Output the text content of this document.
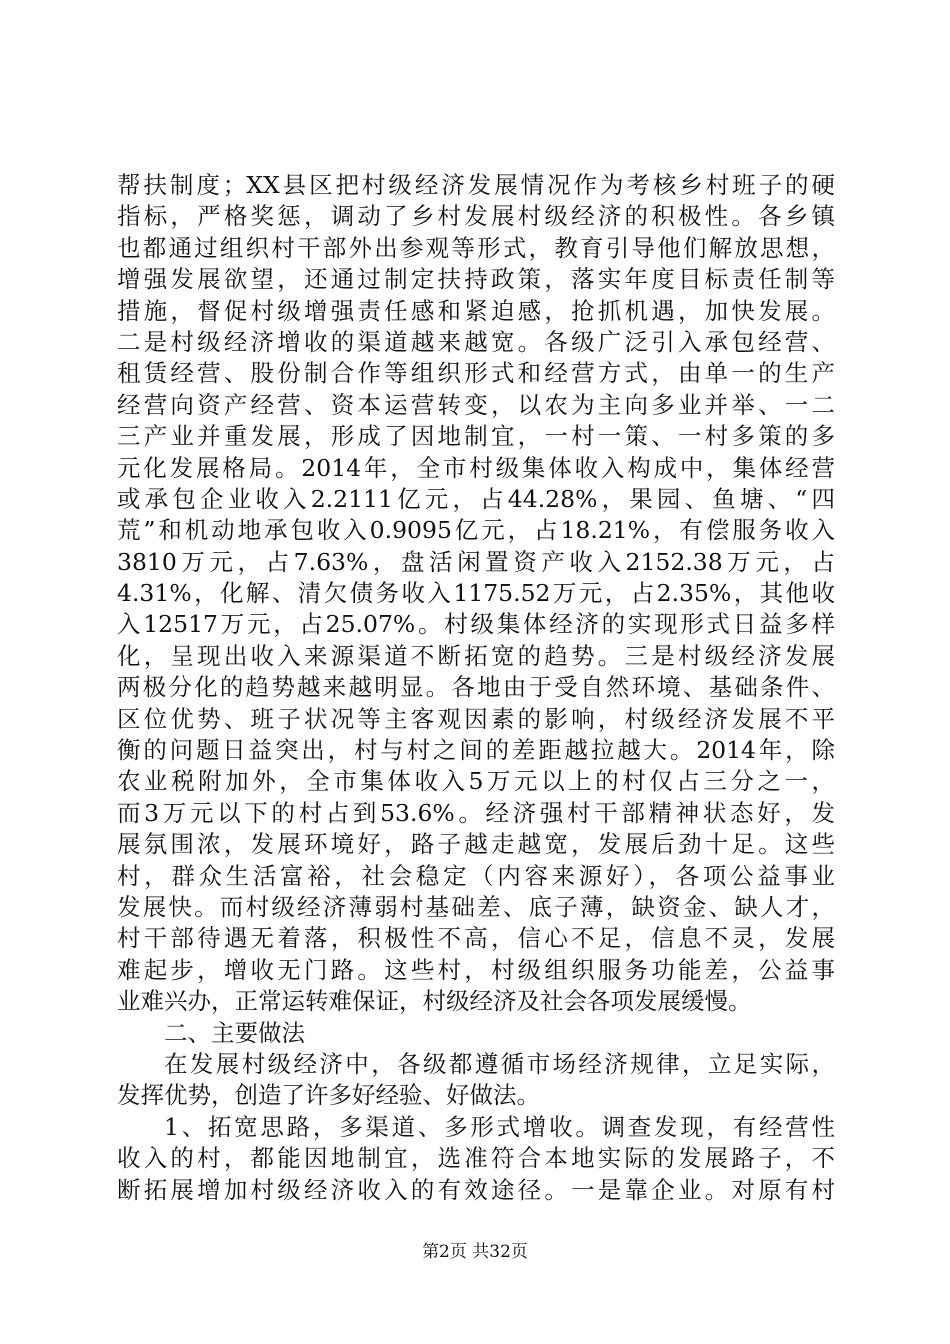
帮扶制度；XX县区把村级经济发展情况作为考核乡村班子的硬
指标，严格奖惩，调动了乡村发展村级经济的积极性。各乡镇
也都通过组织村干部外出参观等形式，教育引导他们解放思想，
增强发展欲望，还通过制定扶持政策，落实年度目标责任制等
措施，督促村级增强责任感和紧迫感，抢抓机遇，加快发展。
二是村级经济增收的渠道越来越宽。各级广泛引入承包经营、
租赁经营、股份制合作等组织形式和经营方式，由单一的生产
经营向资产经营、资本运营转变，以农为主向多业并举、一二
三产业并重发展，形成了因地制宜，一村一策、一村多策的多
元化发展格局。2014年，全市村级集体收入构成中，集体经营
或承包企业收入2.2111亿元，占44.28%，果园、鱼塘、“四
荒”和机动地承包收入0.9095亿元，占18.21%，有偿服务收入
3810万元，占7.63%，盘活闲置资产收入2152.38万元，占
4.31%，化解、清欠债务收入1175.52万元，占2.35%，其他收
入12517万元，占25.07%。村级集体经济的实现形式日益多样
化，呈现出收入来源渠道不断拓宽的趋势。三是村级经济发展
两极分化的趋势越来越明显。各地由于受自然环境、基础条件、
区位优势、班子状况等主客观因素的影响，村级经济发展不平
衡的问题日益突出，村与村之间的差距越拉越大。2014年，除
农业税附加外，全市集体收入5万元以上的村仅占三分之一，
而3万元以下的村占到53.6%。经济强村干部精神状态好，发
展氛围浓，发展环境好，路子越走越宽，发展后劲十足。这些
村，群众生活富裕，社会稳定（内容来源好），各项公益事业
发展快。而村级经济薄弱村基础差、底子薄，缺资金、缺人才，
村干部待遇无着落，积极性不高，信心不足，信息不灵，发展
难起步，增收无门路。这些村，村级组织服务功能差，公益事
业难兴办，正常运转难保证，村级经济及社会各项发展缓慢。
二、主要做法
在发展村级经济中，各级都遵循市场经济规律，立足实际，
发挥优势，创造了许多好经验、好做法。
1、拓宽思路，多渠道、多形式增收。调查发现，有经营性
收入的村，都能因地制宜，选准符合本地实际的发展路子，不
断拓展增加村级经济收入的有效途径。一是靠企业。对原有村
第2页 共32页
